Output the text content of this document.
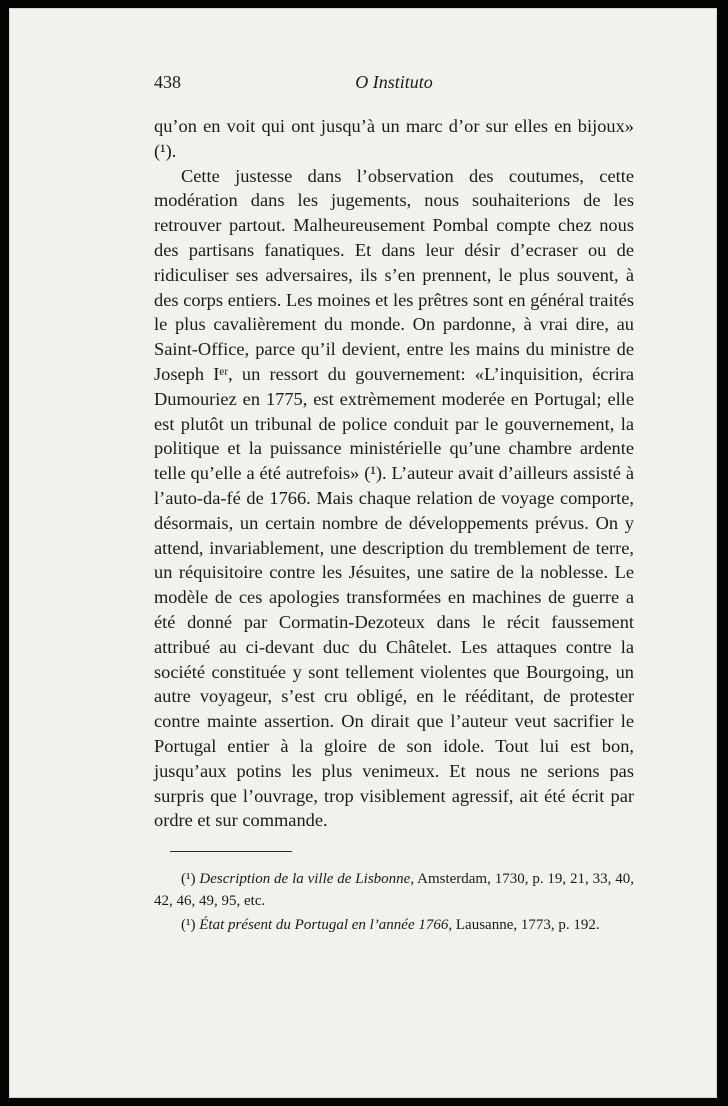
438	O Instituto

qu’on en voit qui ont jusqu’à un marc d’or sur elles en bijoux» (¹).

Cette justesse dans l’observation des coutumes, cette modération dans les jugements, nous souhaiterions de les retrouver partout. Malheureusement Pombal compte chez nous des partisans fanatiques. Et dans leur désir d’ecraser ou de ridiculiser ses adversaires, ils s’en prennent, le plus souvent, à des corps entiers. Les moines et les prêtres sont en général traités le plus cavalièrement du monde. On pardonne, à vrai dire, au Saint-Office, parce qu’il devient, entre les mains du ministre de Joseph Iᵉʳ, un ressort du gouvernement: «L’inquisition, écrira Dumouriez en 1775, est extrèmement moderée en Portugal; elle est plutôt un tribunal de police conduit par le gouvernement, la politique et la puissance ministérielle qu’une chambre ardente telle qu’elle a été autrefois» (¹). L’auteur avait d’ailleurs assisté à l’auto-da-fé de 1766. Mais chaque relation de voyage comporte, désormais, un certain nombre de développements prévus. On y attend, invariablement, une description du tremblement de terre, un réquisitoire contre les Jésuites, une satire de la noblesse. Le modèle de ces apologies transformées en machines de guerre a été donné par Cormatin-Dezoteux dans le récit faussement attribué au ci-devant duc du Châtelet. Les attaques contre la société constituée y sont tellement violentes que Bourgoing, un autre voyageur, s’est cru obligé, en le rééditant, de protester contre mainte assertion. On dirait que l’auteur veut sacrifier le Portugal entier à la gloire de son idole. Tout lui est bon, jusqu’aux potins les plus venimeux. Et nous ne serions pas surpris que l’ouvrage, trop visiblement agressif, ait été écrit par ordre et sur commande.

(¹) Description de la ville de Lisbonne, Amsterdam, 1730, p. 19, 21, 33, 40, 42, 46, 49, 95, etc.

(¹) État présent du Portugal en l’année 1766, Lausanne, 1773, p. 192.
